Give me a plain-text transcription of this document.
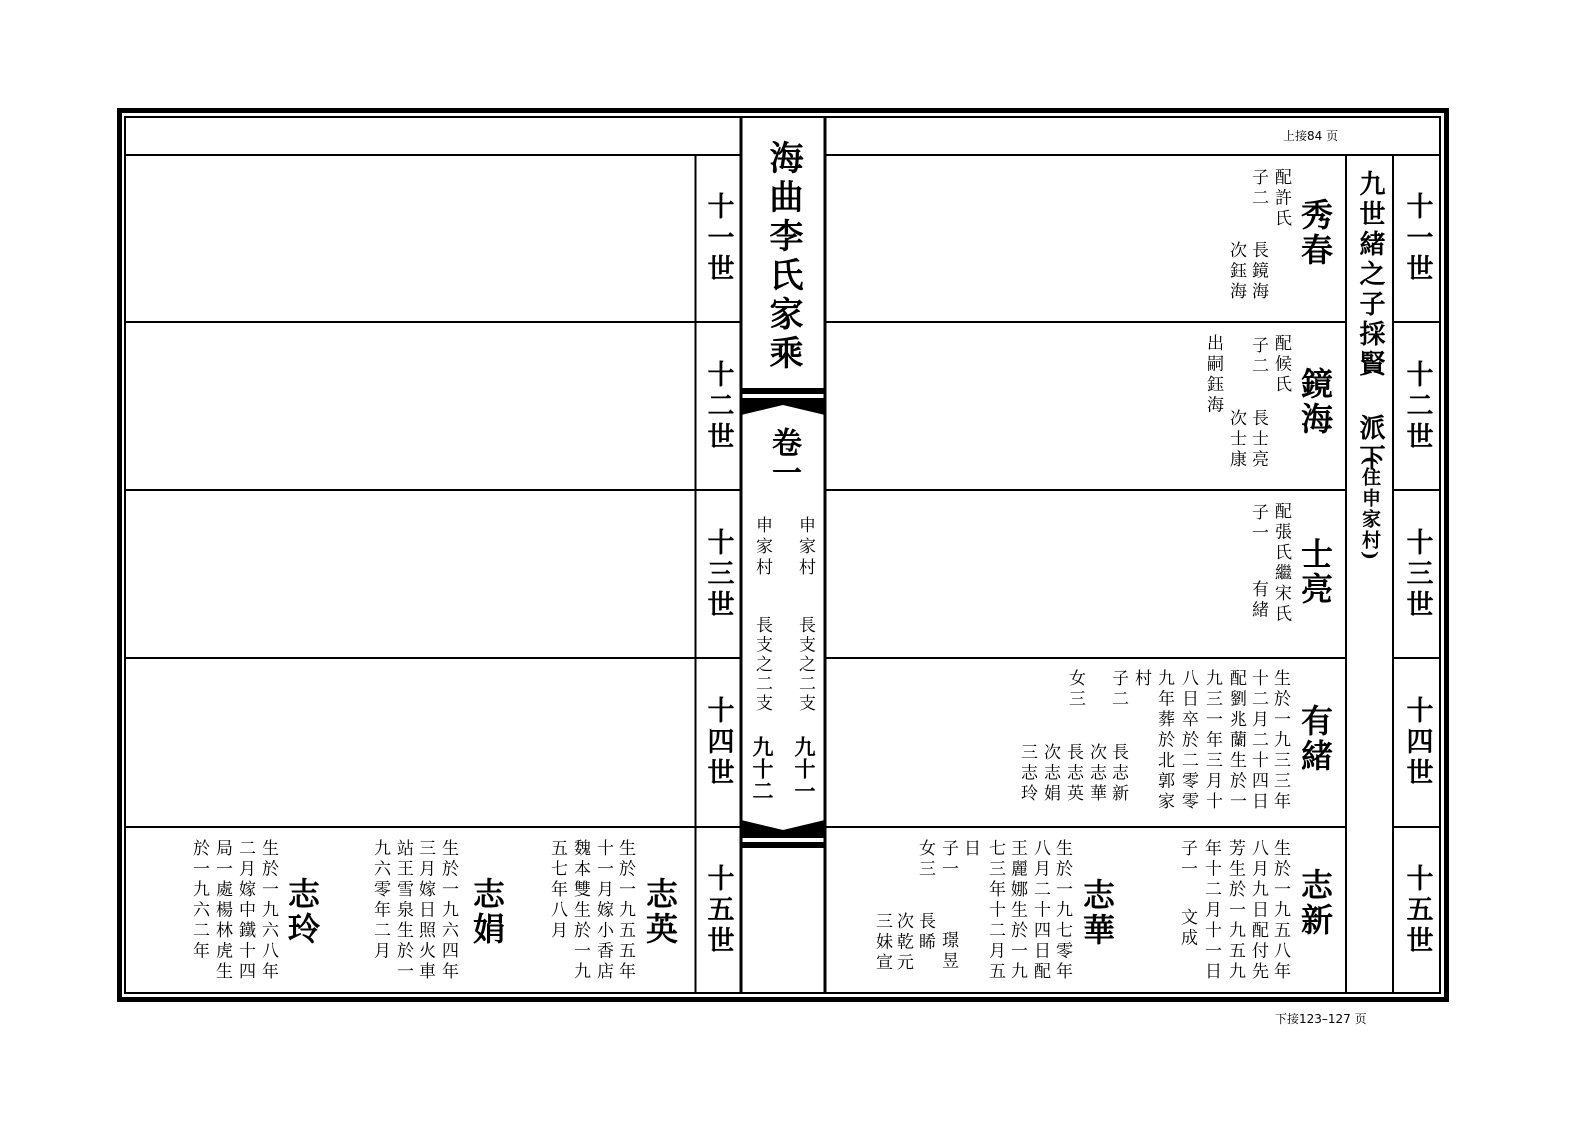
上接84 页
下接123–127 页
海曲李氏家乘
卷一
申家村
長支之二支
九十一
申家村
長支之二支
九十二
十一世
十二世
十三世
十四世
十五世
十一世
十二世
十三世
十四世
十五世
九世緒之子採賢 派下
(住申家村)
秀春
配許氏
子二
長鏡海
次鈺海
鏡海
配候氏
子二
出嗣鈺海
長士亮
次士康
士亮
配張氏繼宋氏
子一
有緒
有緒
生於一九三三年
十二月二十四日
配劉兆蘭生於一
九三一年三月十
八日卒於二零零
九年葬於北郭家
村
子二
女三
長志新
次志華
長志英
次志娟
三志玲
志新
生於一九五八年
八月九日配付先
芳生於一九五九
年十二月十一日
子一
文成
志華
生於一九七零年
八月二十四日配
王麗娜生於一九
七三年十二月五
日
子一
女三
璟昱
長睎
次乾元
三妹宣
志英
生於一九五五年
十一月嫁小香店
魏本雙生於一九
五七年八月
志娟
生於一九六四年
三月嫁日照火車
站王雪泉生於一
九六零年二月
志玲
生於一九六八年
二月嫁中鐵十四
局一處楊林虎生
於一九六二年
